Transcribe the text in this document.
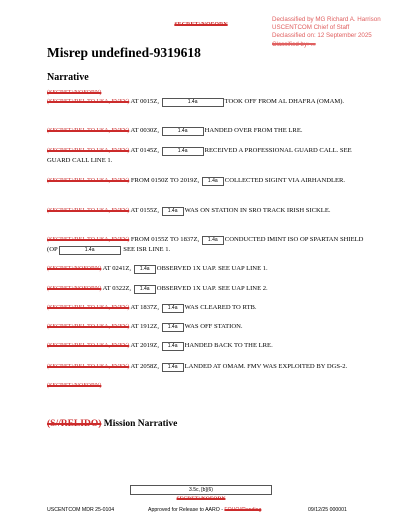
SECRET//NOFORN
Declassified by MG Richard A. Harrison
USCENTCOM Chief of Staff
Declassified on: 12 September 2025
Classified by: ...
Misrep undefined-9319618
Narrative
(SECRET//NOFORN)
(SECRET//REL TO USA, FVEY) AT 0015Z,	1.4a	TOOK OFF FROM AL DHAFRA (OMAM).
(SECRET//REL TO USA, FVEY) AT 0030Z,	1.4a	HANDED OVER FROM THE LRE.
(SECRET//REL TO USA, FVEY) AT 0145Z,	1.4a	RECEIVED A PROFESSIONAL GUARD CALL. SEE GUARD CALL LINE 1.
(SECRET//REL TO USA, FVEY) FROM 0150Z TO 2019Z, 1.4a COLLECTED SIGINT VIA AIRHANDLER.
(SECRET//REL TO USA, FVEY) AT 0155Z, 1.4a WAS ON STATION IN SRO TRACK IRISH SICKLE.
(SECRET//REL TO USA, FVEY) FROM 0155Z TO 1837Z, 1.4a CONDUCTED IMINT ISO OP SPARTAN SHIELD (OP	1.4a	SEE ISR LINE 1.
(SECRET//NOFORN) AT 0241Z, 1.4a OBSERVED 1X UAP. SEE UAP LINE 1.
(SECRET//NOFORN) AT 0322Z, 1.4a OBSERVED 1X UAP. SEE UAP LINE 2.
(SECRET//REL TO USA, FVEY) AT 1837Z, 1.4a WAS CLEARED TO RTB.
(SECRET//REL TO USA, FVEY) AT 1912Z, 1.4a WAS OFF STATION.
(SECRET//REL TO USA, FVEY) AT 2019Z, 1.4a HANDED BACK TO THE LRE.
(SECRET//REL TO USA, FVEY) AT 2058Z, 1.4a LANDED AT OMAM. FMV WAS EXPLOITED BY DGS-2.
(SECRET//NOFORN)
(S//RELIDO) Mission Narrative
3.5c, [b](6)
SECRET//NOFORN
USCENTCOM MDR 25-0104	Approved for Release to AARO - FOUO//Pending	09/12/25 000001
